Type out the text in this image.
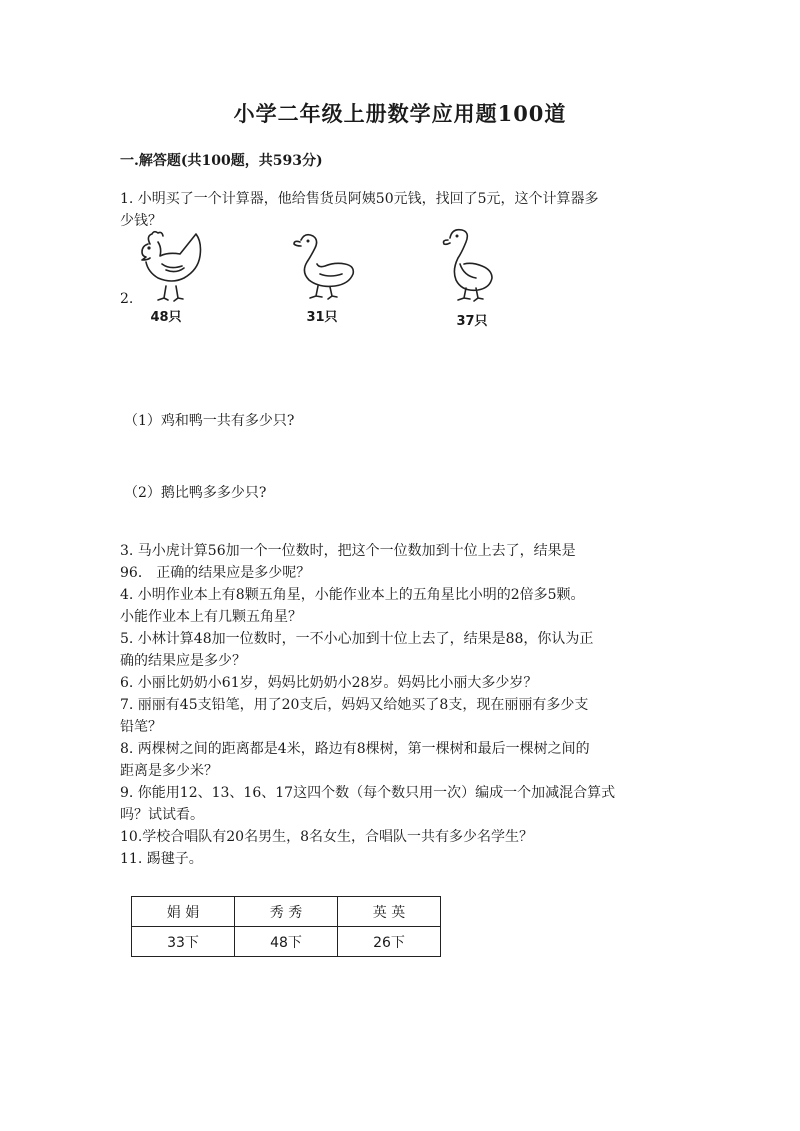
小学二年级上册数学应用题100道
一.解答题(共100题，共593分)
1. 小明买了一个计算器，他给售货员阿姨50元钱，找回了5元，这个计算器多
少钱？
2.
48只	31只	37只
（1）鸡和鸭一共有多少只?
（2）鹅比鸭多多少只?
3. 马小虎计算56加一个一位数时，把这个一位数加到十位上去了，结果是
96． 正确的结果应是多少呢？
4. 小明作业本上有8颗五角星，小能作业本上的五角星比小明的2倍多5颗。
小能作业本上有几颗五角星？
5. 小林计算48加一位数时，一不小心加到十位上去了，结果是88，你认为正
确的结果应是多少？
6. 小丽比奶奶小61岁，妈妈比奶奶小28岁。妈妈比小丽大多少岁？
7. 丽丽有45支铅笔，用了20支后，妈妈又给她买了8支，现在丽丽有多少支
铅笔？
8. 两棵树之间的距离都是4米，路边有8棵树，第一棵树和最后一棵树之间的
距离是多少米？
9. 你能用12、13、16、17这四个数（每个数只用一次）编成一个加减混合算式
吗？试试看。
10.学校合唱队有20名男生，8名女生，合唱队一共有多少名学生？
11. 踢毽子。
娟 娟	秀 秀	英 英
33下	48下	26下
